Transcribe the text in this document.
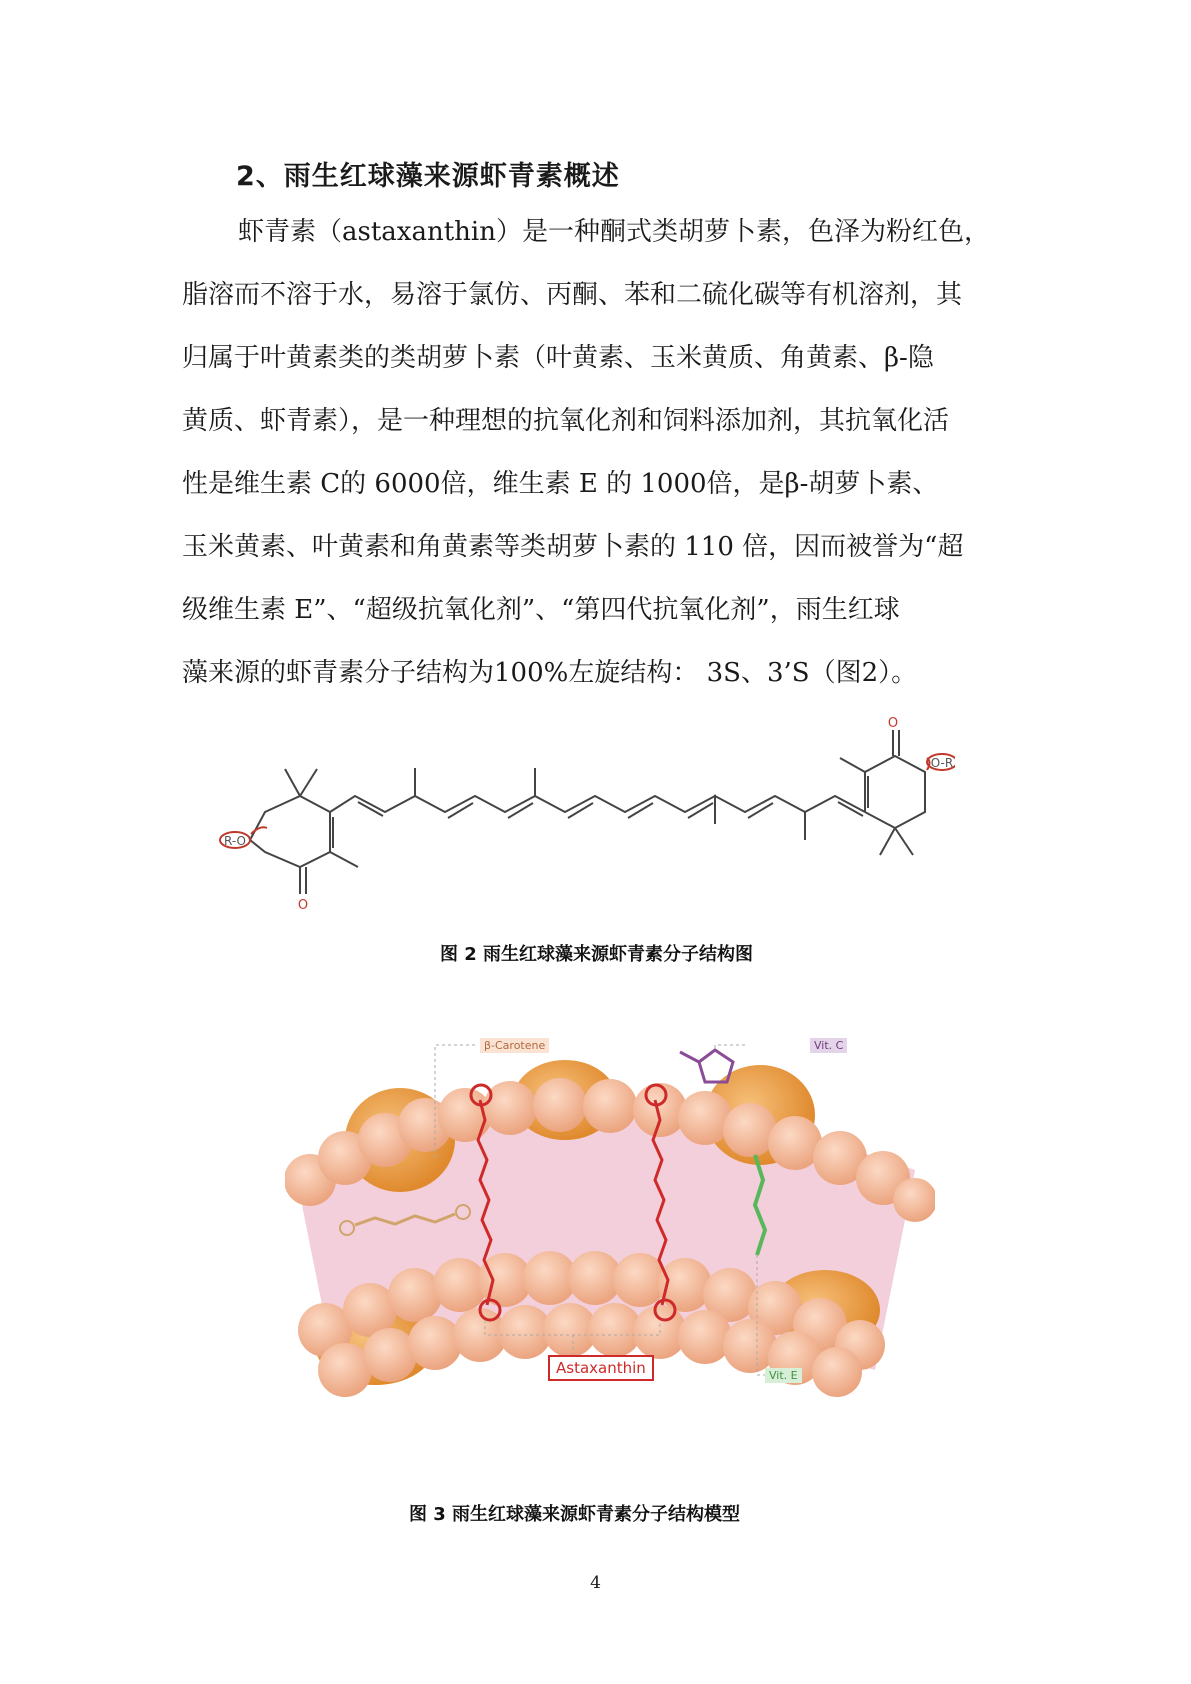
2、雨生红球藻来源虾青素概述
虾青素（astaxanthin）是一种酮式类胡萝卜素，色泽为粉红色，
脂溶而不溶于水，易溶于氯仿、丙酮、苯和二硫化碳等有机溶剂，其
归属于叶黄素类的类胡萝卜素（叶黄素、玉米黄质、角黄素、β-隐
黄质、虾青素），是一种理想的抗氧化剂和饲料添加剂，其抗氧化活
性是维生素 C的 6000倍，维生素 E 的 1000倍，是β-胡萝卜素、
玉米黄素、叶黄素和角黄素等类胡萝卜素的 110 倍，因而被誉为“超
级维生素 E”、“超级抗氧化剂”、“第四代抗氧化剂”，雨生红球
藻来源的虾青素分子结构为100%左旋结构： 3S、3’S（图2）。
R-O
O-R
O
O
图 2 雨生红球藻来源虾青素分子结构图
β-Carotene	Vit. C
Astaxanthin	Vit. E
图 3 雨生红球藻来源虾青素分子结构模型
4
